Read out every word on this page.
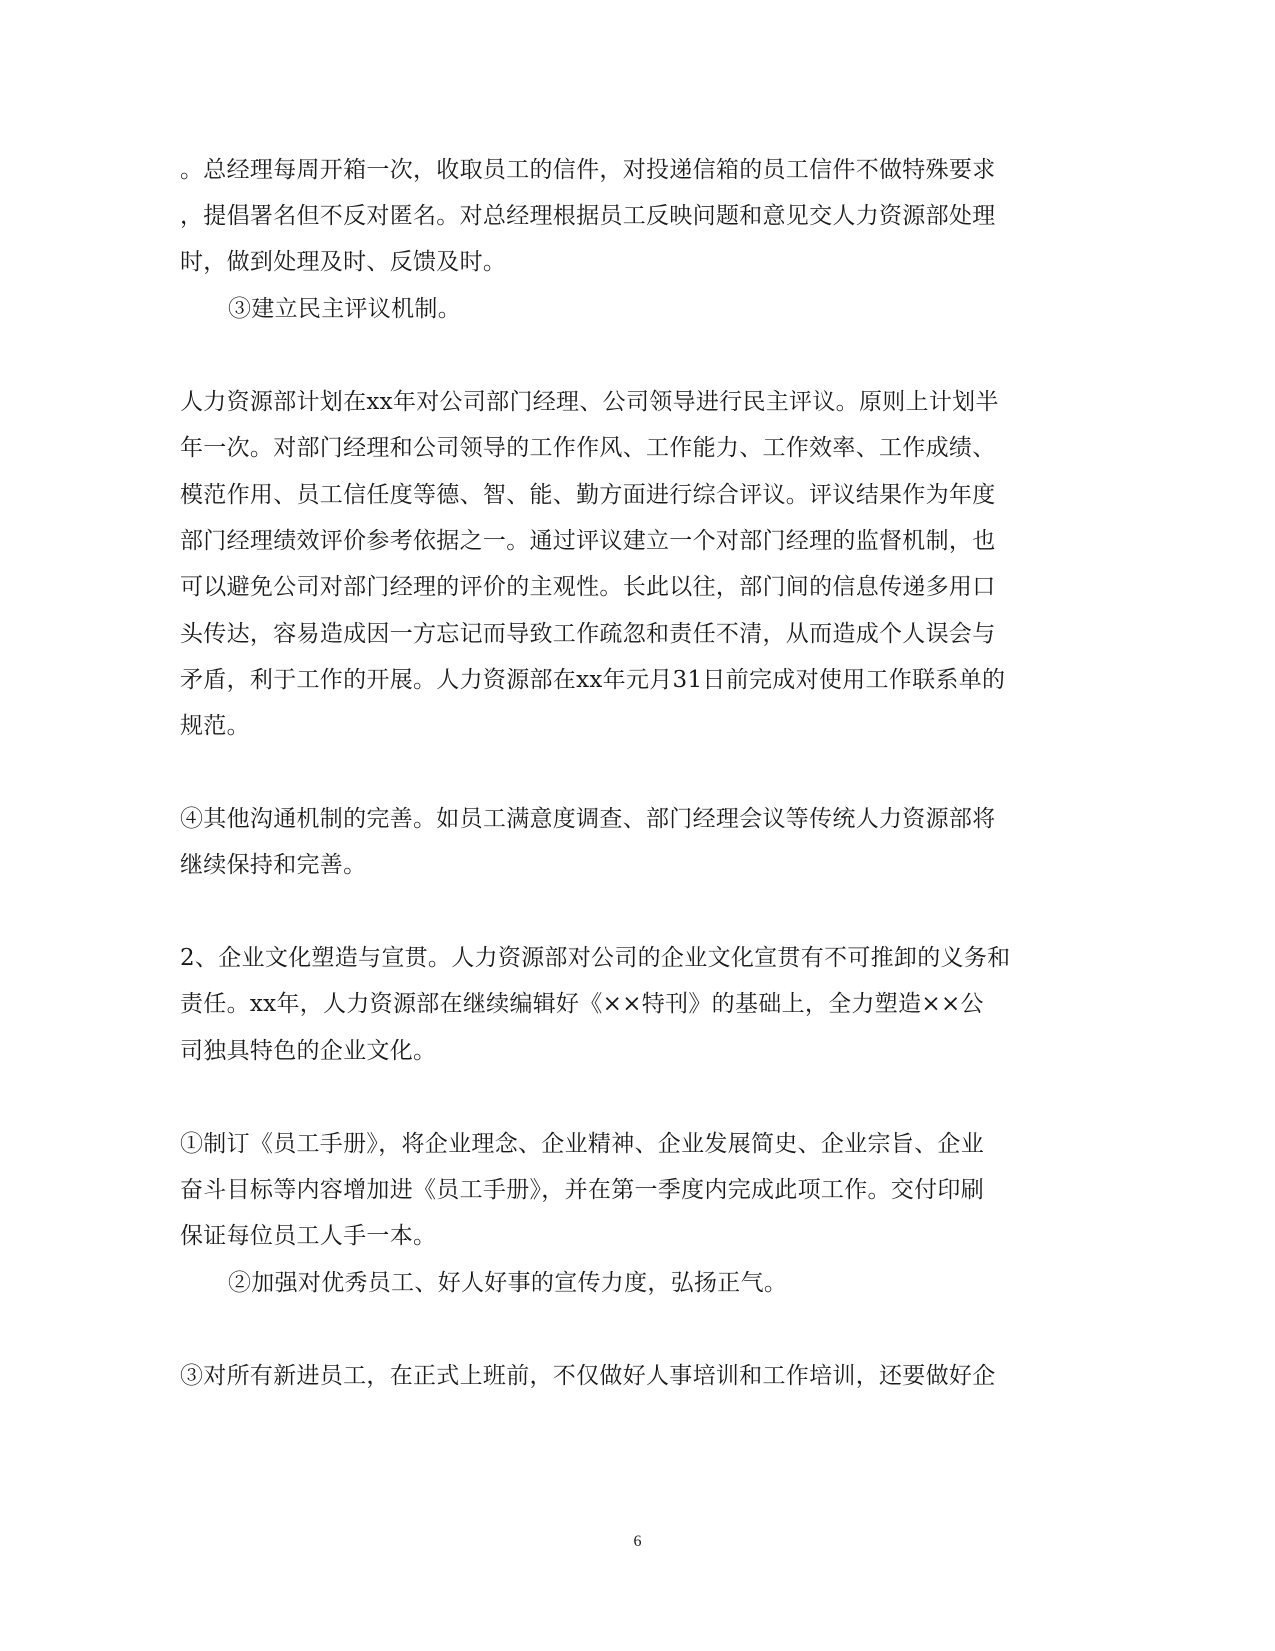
。总经理每周开箱一次，收取员工的信件，对投递信箱的员工信件不做特殊要求
，提倡署名但不反对匿名。对总经理根据员工反映问题和意见交人力资源部处理
时，做到处理及时、反馈及时。
③建立民主评议机制。
人力资源部计划在xx年对公司部门经理、公司领导进行民主评议。原则上计划半
年一次。对部门经理和公司领导的工作作风、工作能力、工作效率、工作成绩、
模范作用、员工信任度等德、智、能、勤方面进行综合评议。评议结果作为年度
部门经理绩效评价参考依据之一。通过评议建立一个对部门经理的监督机制，也
可以避免公司对部门经理的评价的主观性。长此以往，部门间的信息传递多用口
头传达，容易造成因一方忘记而导致工作疏忽和责任不清，从而造成个人误会与
矛盾，利于工作的开展。人力资源部在xx年元月31日前完成对使用工作联系单的
规范。
④其他沟通机制的完善。如员工满意度调查、部门经理会议等传统人力资源部将
继续保持和完善。
2、企业文化塑造与宣贯。人力资源部对公司的企业文化宣贯有不可推卸的义务和
责任。xx年，人力资源部在继续编辑好《××特刊》的基础上，全力塑造××公
司独具特色的企业文化。
①制订《员工手册》，将企业理念、企业精神、企业发展简史、企业宗旨、企业
奋斗目标等内容增加进《员工手册》，并在第一季度内完成此项工作。交付印刷
保证每位员工人手一本。
②加强对优秀员工、好人好事的宣传力度，弘扬正气。
③对所有新进员工，在正式上班前，不仅做好人事培训和工作培训，还要做好企
6
